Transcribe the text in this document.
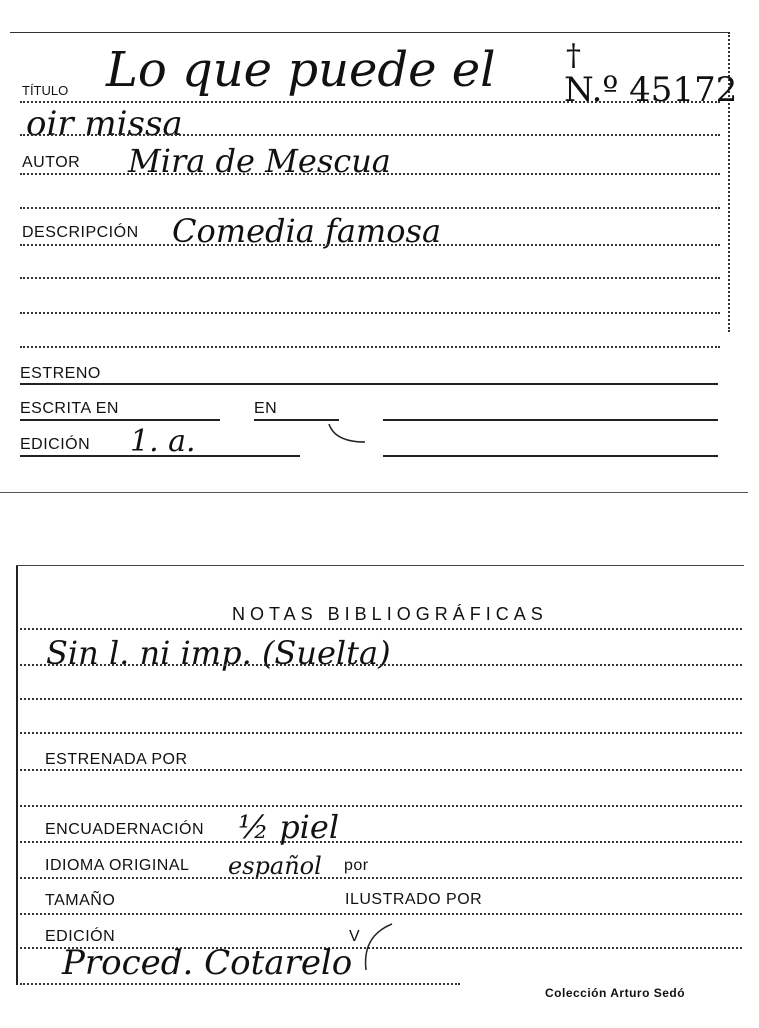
TÍTULO Lo que puede el †
N.º 45172
oir missa
AUTOR Mira de Mescua
DESCRIPCIÓN Comedia famosa
ESTRENO
ESCRITA EN	EN
EDICIÓN 1. a.
NOTAS BIBLIOGRÁFICAS
Sin l. ni imp. (Suelta)
ESTRENADA POR
ENCUADERNACIÓN ½ piel
IDIOMA ORIGINAL español por
TAMAÑO	ILUSTRADO POR
EDICIÓN	V
Proced. Cotarelo
Colección Arturo Sedó
